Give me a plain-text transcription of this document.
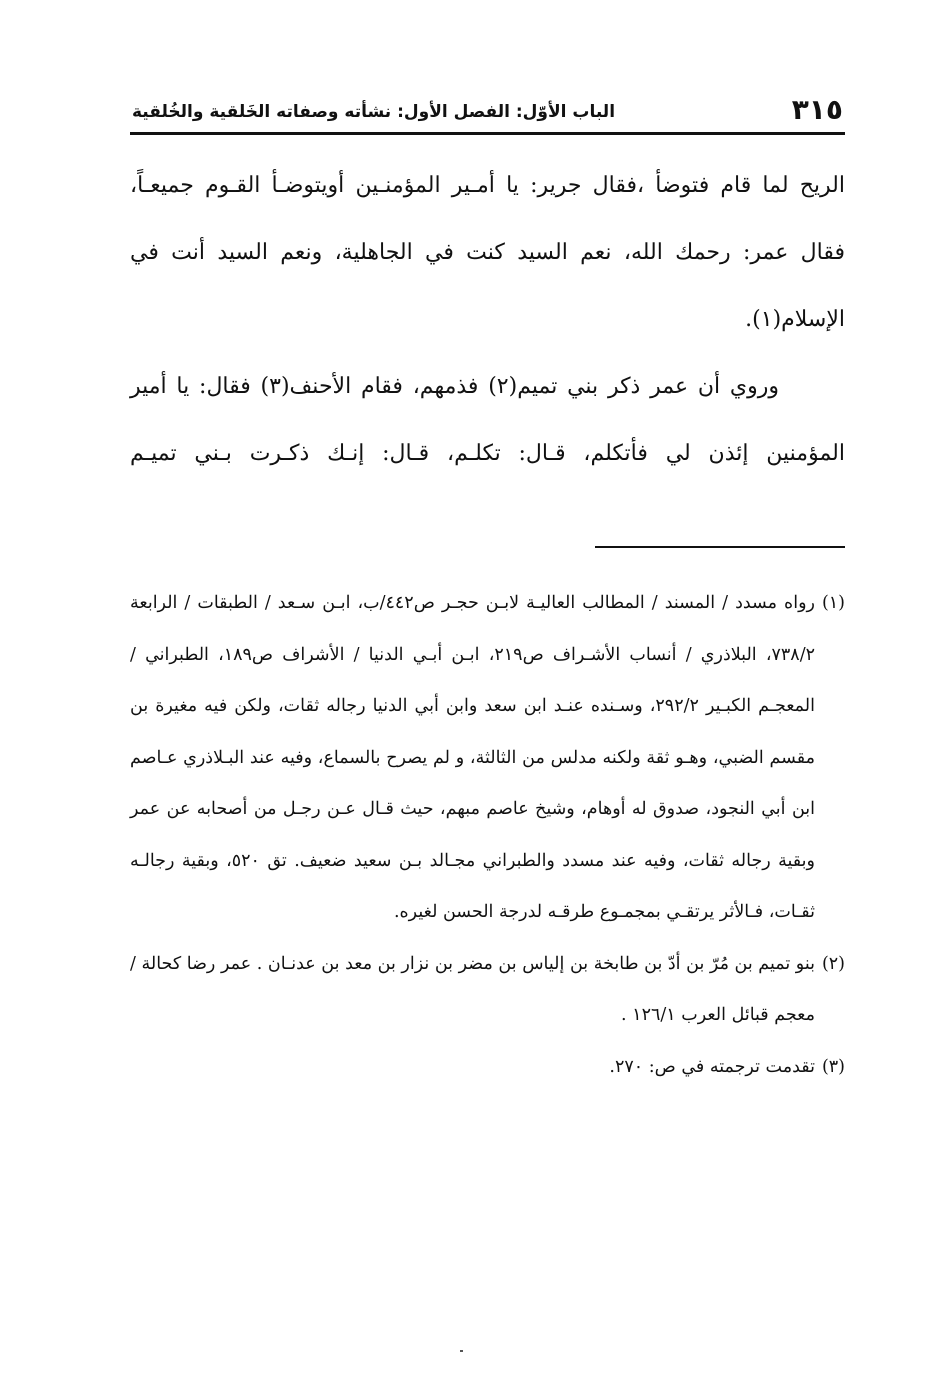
٣١٥
الباب الأوّل: الفصل الأول: نشأته وصفاته الخَلقية والخُلقية

الريح لما قام فتوضأ ،فقال جرير: يا أمـير المؤمنـين أويتوضـأ القـوم جميعـاً، فقال عمر: رحمك الله، نعم السيد كنت في الجاهلية، ونعم السيد أنت في الإسلام(١).

وروي أن عمر ذكر بني تميم(٢) فذمهم، فقام الأحنف(٣) فقال: يا أمير المؤمنين إئذن لي فأتكلم، قـال: تكلـم، قـال: إنـك ذكـرت بـني تميـم

(١)
رواه مسدد / المسند / المطالب العاليـة لابـن حجـر ص٤٤٢/ب، ابـن سـعد / الطبقات / الرابعة ٧٣٨/٢، البلاذري / أنساب الأشـراف ص٢١٩، ابـن أبـي الدنيا / الأشراف ص١٨٩، الطبراني / المعجـم الكبـير ٢٩٢/٢، وسـنده عنـد ابن سعد وابن أبي الدنيا رجاله ثقات، ولكن فيه مغيرة بن مقسم الضبي، وهـو ثقة ولكنه مدلس من الثالثة، و لم يصرح بالسماع، وفيه عند البـلاذري عـاصم ابن أبي النجود، صدوق له أوهام، وشيخ عاصم مبهم، حيث قـال عـن رجـل من أصحابه عن عمر وبقية رجاله ثقات، وفيه عند مسدد والطبراني مجـالد بـن سعيد ضعيف. تق ٥٢٠، وبقية رجالـه ثقـات، فـالأثر يرتقـي بمجمـوع طرقـه لدرجة الحسن لغيره.
(٢)
بنو تميم بن مُرّ بن أدّ بن طابخة بن إلياس بن مضر بن نزار بن معد بن عدنـان . عمر رضا كحالة / معجم قبائل العرب ١٢٦/١ .
(٣)
تقدمت ترجمته في ص: ٢٧٠.
